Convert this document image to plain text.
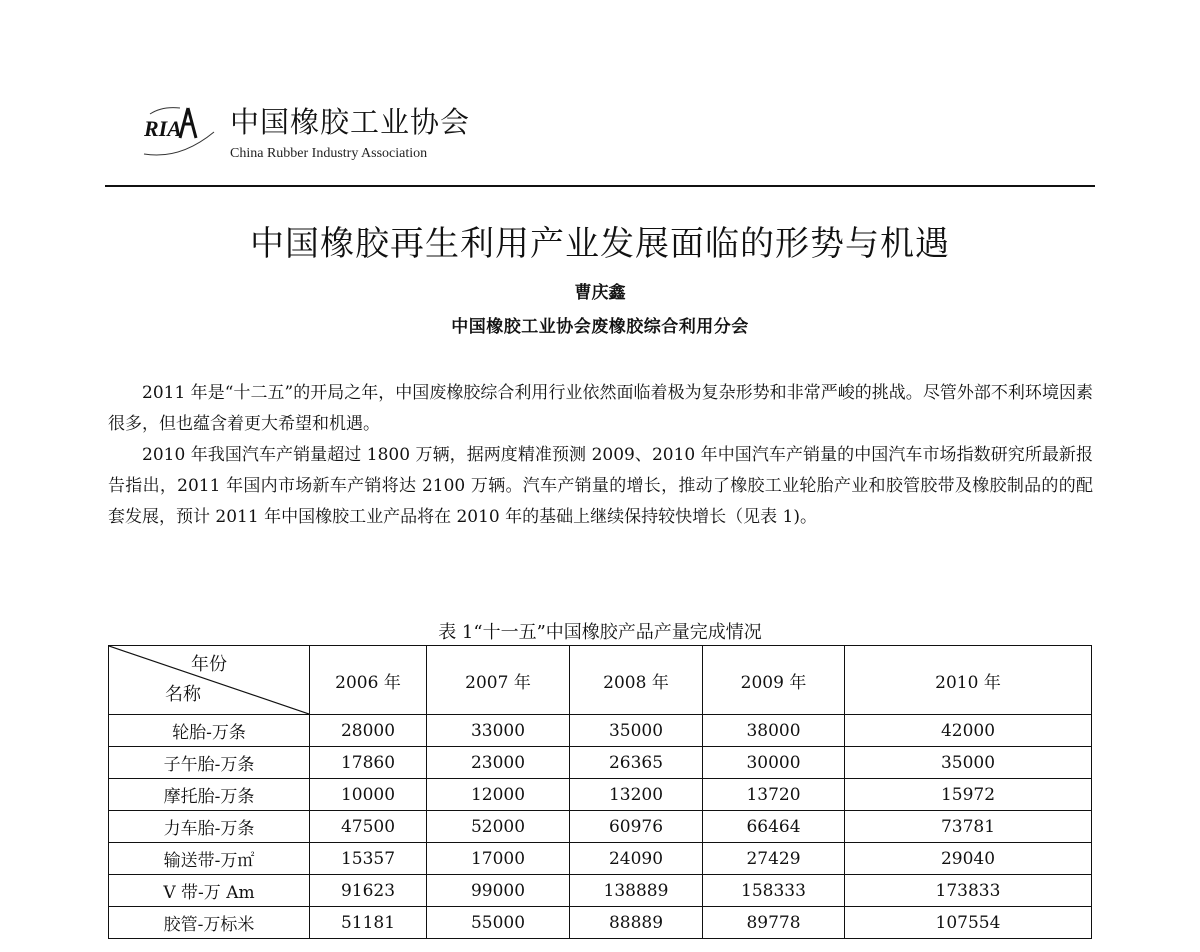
RIA 中国橡胶工业协会
China Rubber Industry Association
中国橡胶再生利用产业发展面临的形势与机遇
曹庆鑫
中国橡胶工业协会废橡胶综合利用分会

2011 年是“十二五”的开局之年，中国废橡胶综合利用行业依然面临着极为复杂形势和非常严峻的挑战。尽管外部不利环境因素很多，但也蕴含着更大希望和机遇。

2010 年我国汽车产销量超过 1800 万辆，据两度精准预测 2009、2010 年中国汽车产销量的中国汽车市场指数研究所最新报告指出，2011 年国内市场新车产销将达 2100 万辆。汽车产销量的增长，推动了橡胶工业轮胎产业和胶管胶带及橡胶制品的的配套发展，预计 2011 年中国橡胶工业产品将在 2010 年的基础上继续保持较快增长（见表 1)。

表 1“十一五”中国橡胶产品产量完成情况
年份
名称	2006 年	2007 年	2008 年	2009 年	2010 年
轮胎-万条	28000	33000	35000	38000	42000
子午胎-万条	17860	23000	26365	30000	35000
摩托胎-万条	10000	12000	13200	13720	15972
力车胎-万条	47500	52000	60976	66464	73781
输送带-万㎡	15357	17000	24090	27429	29040
V 带-万 Am	91623	99000	138889	158333	173833
胶管-万标米	51181	55000	88889	89778	107554
